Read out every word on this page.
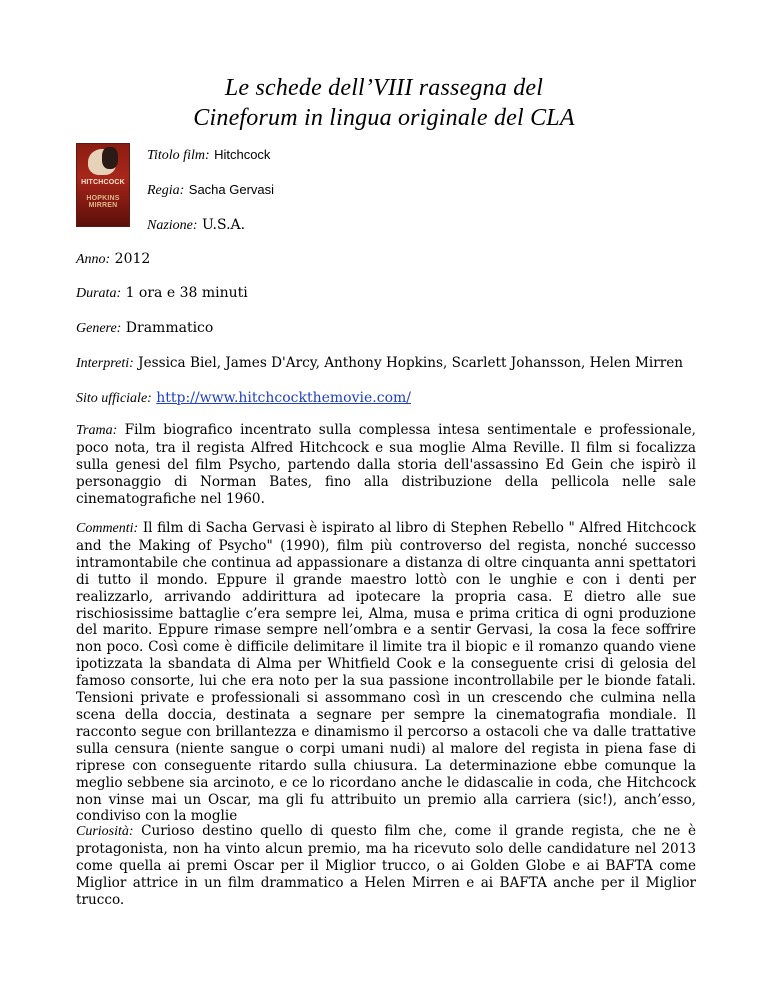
Le schede dell’VIII rassegna del
Cineforum in lingua originale del CLA
HITCHCOCK
HOPKINS MIRREN
Titolo film: Hitchcock
Regia: Sacha Gervasi
Nazione: U.S.A.
Anno: 2012
Durata: 1 ora e 38 minuti
Genere: Drammatico
Interpreti: Jessica Biel, James D'Arcy, Anthony Hopkins, Scarlett Johansson, Helen Mirren
Sito ufficiale: http://www.hitchcockthemovie.com/
Trama: Film biografico incentrato sulla complessa intesa sentimentale e professionale, poco nota, tra il regista Alfred Hitchcock e sua moglie Alma Reville. Il film si focalizza sulla genesi del film Psycho, partendo dalla storia dell'assassino Ed Gein che ispirò il personaggio di Norman Bates, fino alla distribuzione della pellicola nelle sale cinematografiche nel 1960.
Commenti: Il film di Sacha Gervasi è ispirato al libro di Stephen Rebello " Alfred Hitchcock and the Making of Psycho" (1990), film più controverso del regista, nonché successo intramontabile che continua ad appassionare a distanza di oltre cinquanta anni spettatori di tutto il mondo. Eppure il grande maestro lottò con le unghie e con i denti per realizzarlo, arrivando addirittura ad ipotecare la propria casa. E dietro alle sue rischiosissime battaglie c’era sempre lei, Alma, musa e prima critica di ogni produzione del marito. Eppure rimase sempre nell’ombra e a sentir Gervasi, la cosa la fece soffrire non poco. Così come è difficile delimitare il limite tra il biopic e il romanzo quando viene ipotizzata la sbandata di Alma per Whitfield Cook e la conseguente crisi di gelosia del famoso consorte, lui che era noto per la sua passione incontrollabile per le bionde fatali. Tensioni private e professionali si assommano così in un crescendo che culmina nella scena della doccia, destinata a segnare per sempre la cinematografia mondiale. Il racconto segue con brillantezza e dinamismo il percorso a ostacoli che va dalle trattative sulla censura (niente sangue o corpi umani nudi) al malore del regista in piena fase di riprese con conseguente ritardo sulla chiusura. La determinazione ebbe comunque la meglio sebbene sia arcinoto, e ce lo ricordano anche le didascalie in coda, che Hitchcock non vinse mai un Oscar, ma gli fu attribuito un premio alla carriera (sic!), anch’esso, condiviso con la moglie
Curiosità: Curioso destino quello di questo film che, come il grande regista, che ne è protagonista, non ha vinto alcun premio, ma ha ricevuto solo delle candidature nel 2013 come quella ai premi Oscar per il Miglior trucco, o ai Golden Globe e ai BAFTA come Miglior attrice in un film drammatico a Helen Mirren e ai BAFTA anche per il Miglior trucco.
